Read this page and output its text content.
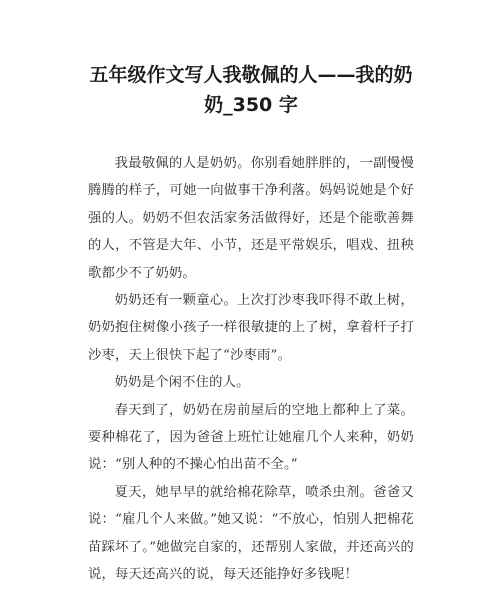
五年级作文写人我敬佩的人——我的奶奶_350 字

我最敬佩的人是奶奶。你别看她胖胖的，一副慢慢腾腾的样子，可她一向做事干净利落。妈妈说她是个好强的人。奶奶不但农活家务活做得好，还是个能歌善舞的人，不管是大年、小节，还是平常娱乐，唱戏、扭秧歌都少不了奶奶。

奶奶还有一颗童心。上次打沙枣我吓得不敢上树，奶奶抱住树像小孩子一样很敏捷的上了树，拿着杆子打沙枣，天上很快下起了“沙枣雨”。

奶奶是个闲不住的人。

春天到了，奶奶在房前屋后的空地上都种上了菜。要种棉花了，因为爸爸上班忙让她雇几个人来种，奶奶说：“别人种的不操心怕出苗不全。”

夏天，她早早的就给棉花除草，喷杀虫剂。爸爸又说：“雇几个人来做。”她又说：“不放心，怕别人把棉花苗踩坏了。”她做完自家的，还帮别人家做，并还高兴的说，每天还高兴的说，每天还能挣好多钱呢！
